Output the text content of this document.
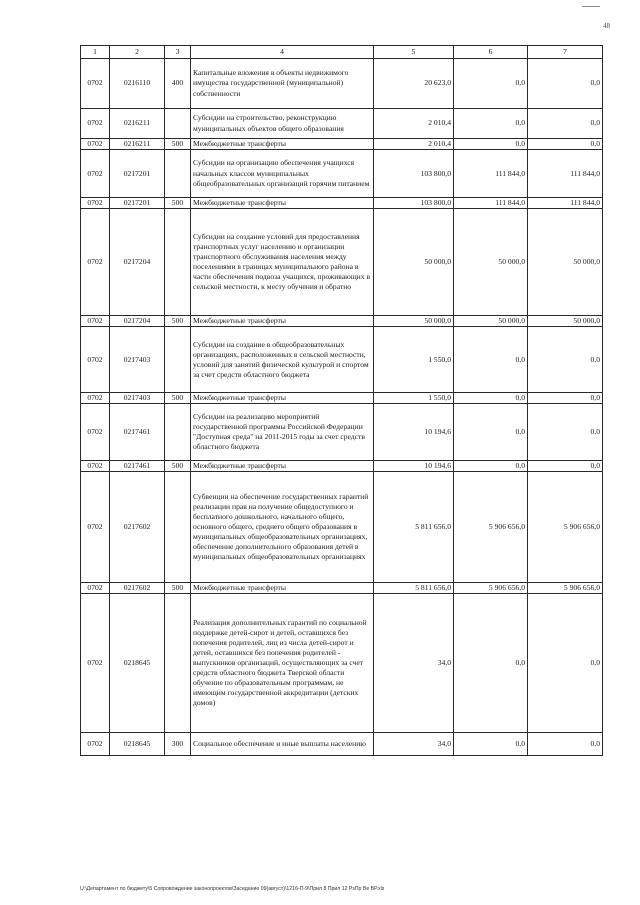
48
1	2	3	4	5	6	7
0702	0216110	400	Капитальные вложения в объекты недвижимого имущества государственной (муниципальной) собственности	20 623,0	0,0	0,0
0702	0216211		Субсидии на строительство, реконструкцию муниципальных объектов общего образования	2 010,4	0,0	0,0
0702	0216211	500	Межбюджетные трансферты	2 010,4	0,0	0,0
0702	0217201		Субсидии на организацию обеспечения учащихся начальных классов муниципальных общеобразовательных организаций горячим питанием	103 800,0	111 844,0	111 844,0
0702	0217201	500	Межбюджетные трансферты	103 800,0	111 844,0	111 844,0
0702	0217204		Субсидии на создание условий для предоставления транспортных услуг населению и организации транспортного обслуживания населения между поселениями в границах муниципального района в части обеспечения подвоза учащихся, проживающих в сельской местности, к месту обучения и обратно	50 000,0	50 000,0	50 000,0
0702	0217204	500	Межбюджетные трансферты	50 000,0	50 000,0	50 000,0
0702	0217403		Субсидии на создание в общеобразовательных организациях, расположенных в сельской местности, условий для занятий физической культурой и спортом за счет средств областного бюджета	1 550,0	0,0	0,0
0702	0217403	500	Межбюджетные трансферты	1 550,0	0,0	0,0
0702	0217461		Субсидии на реализацию мероприятий государственной программы Российской Федерации "Доступная среда" на 2011-2015 годы за счет средств областного бюджета	10 194,6	0,0	0,0
0702	0217461	500	Межбюджетные трансферты	10 194,6	0,0	0,0
0702	0217602		Субвенции на обеспечение государственных гарантий реализации прав на получение общедоступного и бесплатного дошкольного, начального общего, основного общего, среднего общего образования в муниципальных общеобразовательных организациях, обеспечение дополнительного образования детей в муниципальных общеобразовательных организациях	5 811 656,0	5 906 656,0	5 906 656,0
0702	0217602	500	Межбюджетные трансферты	5 811 656,0	5 906 656,0	5 906 656,0
0702	0218645		Реализация дополнительных гарантий по социальной поддержке детей-сирот и детей, оставшихся без попечения родителей, лиц из числа детей-сирот и детей, оставшихся без попечения родителей - выпускников организаций, осуществляющих за счет средств областного бюджета Тверской области обучение по образовательным программам, не имеющим государственной аккредитации (детских домов)	34,0	0,0	0,0
0702	0218645	300	Социальное обеспечение и иные выплаты населению	34,0	0,0	0,0
U:\Департамент по бюджету\5 Сопровождение законопроектов\Заседание 09(август)\1216-П-9\Прил 8 Прил 12 РзПр Ве ВР.xls
